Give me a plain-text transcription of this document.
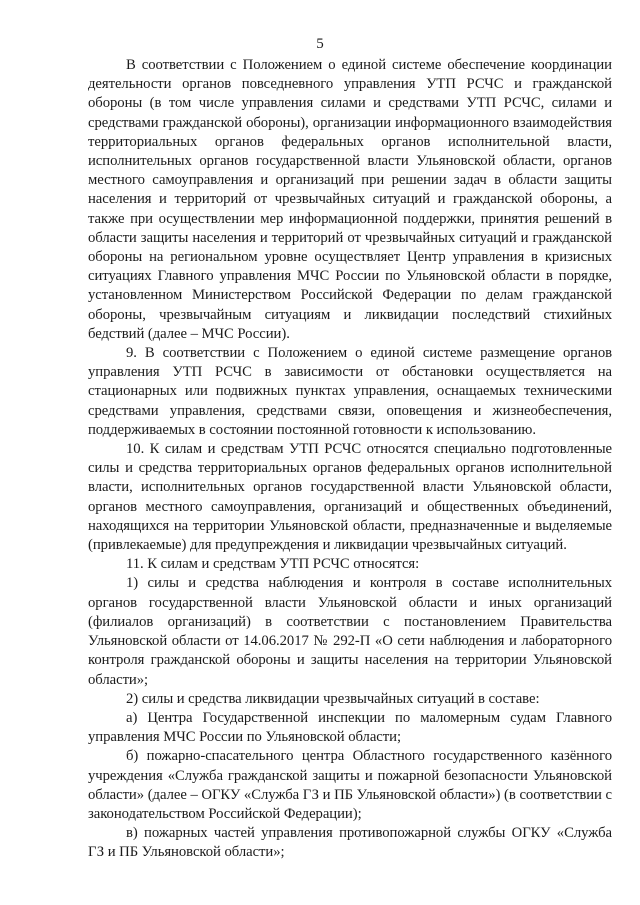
5

В соответствии с Положением о единой системе обеспечение координации деятельности органов повседневного управления УТП РСЧС и гражданской обороны (в том числе управления силами и средствами УТП РСЧС, силами и средствами гражданской обороны), организации информационного взаимодействия территориальных органов федеральных органов исполнительной власти, исполнительных органов государственной власти Ульяновской области, органов местного самоуправления и организаций при решении задач в области защиты населения и территорий от чрезвычайных ситуаций и гражданской обороны, а также при осуществлении мер информационной поддержки, принятия решений в области защиты населения и территорий от чрезвычайных ситуаций и гражданской обороны на региональном уровне осуществляет Центр управления в кризисных ситуациях Главного управления МЧС России по Ульяновской области в порядке, установленном Министерством Российской Федерации по делам гражданской обороны, чрезвычайным ситуациям и ликвидации последствий стихийных бедствий (далее – МЧС России).

9. В соответствии с Положением о единой системе размещение органов управления УТП РСЧС в зависимости от обстановки осуществляется на стационарных или подвижных пунктах управления, оснащаемых техническими средствами управления, средствами связи, оповещения и жизнеобеспечения, поддерживаемых в состоянии постоянной готовности к использованию.

10. К силам и средствам УТП РСЧС относятся специально подготовленные силы и средства территориальных органов федеральных органов исполнительной власти, исполнительных органов государственной власти Ульяновской области, органов местного самоуправления, организаций и общественных объединений, находящихся на территории Ульяновской области, предназначенные и выделяемые (привлекаемые) для предупреждения и ликвидации чрезвычайных ситуаций.

11. К силам и средствам УТП РСЧС относятся:

1) силы и средства наблюдения и контроля в составе исполнительных органов государственной власти Ульяновской области и иных организаций (филиалов организаций) в соответствии с постановлением Правительства Ульяновской области от 14.06.2017 № 292-П «О сети наблюдения и лабораторного контроля гражданской обороны и защиты населения на территории Ульяновской области»;

2) силы и средства ликвидации чрезвычайных ситуаций в составе:

а) Центра Государственной инспекции по маломерным судам Главного управления МЧС России по Ульяновской области;

б) пожарно-спасательного центра Областного государственного казённого учреждения «Служба гражданской защиты и пожарной безопасности Ульяновской области» (далее – ОГКУ «Служба ГЗ и ПБ Ульяновской области») (в соответствии с законодательством Российской Федерации);

в) пожарных частей управления противопожарной службы ОГКУ «Служба ГЗ и ПБ Ульяновской области»;
